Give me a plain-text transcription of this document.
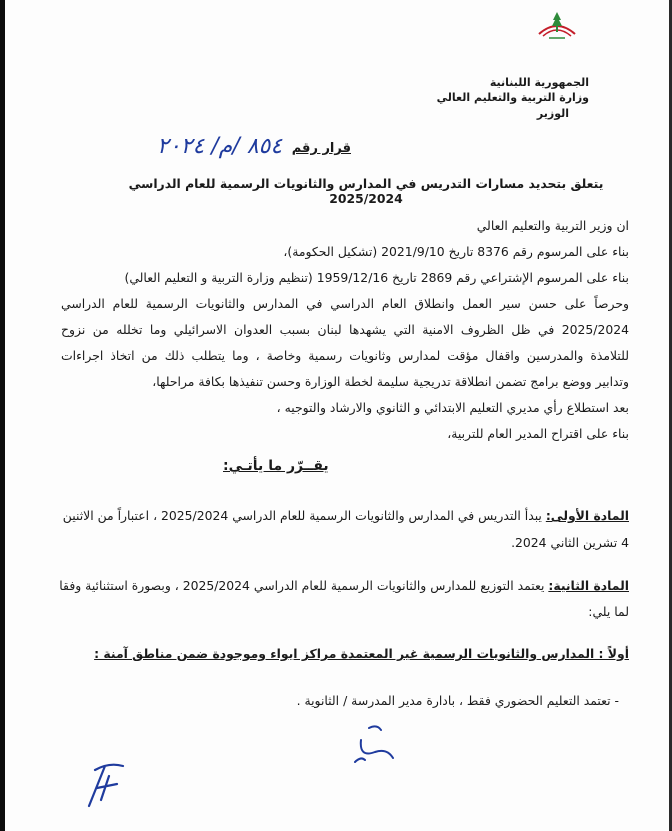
الجمهورية اللبنانية
وزارة التربية والتعليم العالي
الوزير
قرار رقم
٨٥٤ /م/ ٢٠٢٤
يتعلق بتحديد مسارات التدريس في المدارس والثانويات الرسمية للعام الدراسي 2025/2024
ان وزير التربية والتعليم العالي
بناء على المرسوم رقم 8376 تاريخ 2021/9/10 (تشكيل الحكومة)،
بناء على المرسوم الإشتراعي رقم 2869 تاريخ 1959/12/16 (تنظيم وزارة التربية و التعليم العالي)
وحرصاً على حسن سير العمل وانطلاق العام الدراسي في المدارس والثانويات الرسمية للعام الدراسي
2025/2024 في ظل الظروف الامنية التي يشهدها لبنان بسبب العدوان الاسرائيلي وما تخلله من نزوح
للتلامذة والمدرسين واقفال مؤقت لمدارس وثانويات رسمية وخاصة ، وما يتطلب ذلك من اتخاذ اجراءات
وتدابير ووضع برامج تضمن انطلاقة تدريجية سليمة لخطة الوزارة وحسن تنفيذها بكافة مراحلها،
بعد استطلاع رأي مديري التعليم الابتدائي و الثانوي والارشاد والتوجيه ،
بناء على اقتراح المدير العام للتربية،
يقــرّر ما يأتـي:
المادة الأولى: يبدأ التدريس في المدارس والثانويات الرسمية للعام الدراسي 2025/2024 ، اعتباراً من الاثنين
4 تشرين الثاني 2024.
المادة الثانية: يعتمد التوزيع للمدارس والثانويات الرسمية للعام الدراسي 2025/2024 ، وبصورة استثنائية وفقا
لما يلي:
أولاً : المدارس والثانويات الرسمية غير المعتمدة مراكز ايواء وموجودة ضمن مناطق آمنة :
- تعتمد التعليم الحضوري فقط ، بادارة مدير المدرسة / الثانوية .
